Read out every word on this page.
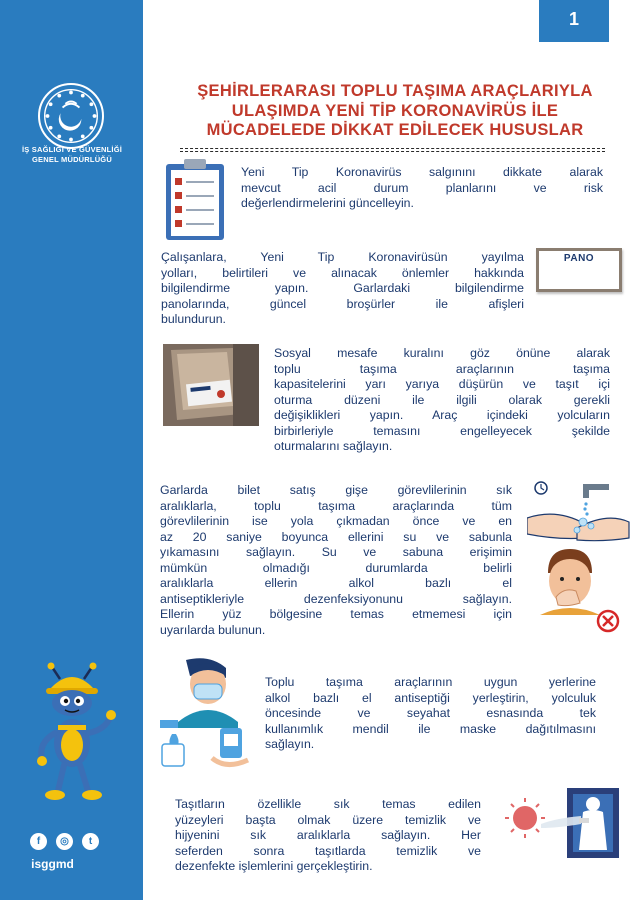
İŞ SAĞLIĞI VE GÜVENLİĞİ
GENEL MÜDÜRLÜĞÜ
f	◎	t
isggmd
1
ŞEHİRLERARASI TOPLU TAŞIMA ARAÇLARIYLA
ULAŞIMDA YENİ TİP KORONAVİRÜS İLE
MÜCADELEDE DİKKAT EDİLECEK HUSUSLAR
Yeni Tip Koronavirüs salgınını dikkate alarak
mevcut acil durum planlarını ve risk
değerlendirmelerini güncelleyin.
Çalışanlara, Yeni Tip Koronavirüsün yayılma
yolları, belirtileri ve alınacak önlemler hakkında
bilgilendirme yapın. Garlardaki bilgilendirme
panolarında, güncel broşürler ile afişleri
bulundurun.
PANO
Sosyal mesafe kuralını göz önüne alarak
toplu taşıma araçlarının taşıma
kapasitelerini yarı yarıya düşürün ve taşıt içi
oturma düzeni ile ilgili olarak gerekli
değişiklikleri yapın. Araç içindeki yolcuların
birbirleriyle temasını engelleyecek şekilde
oturmalarını sağlayın.
Garlarda bilet satış gişe görevlilerinin sık
aralıklarla, toplu taşıma araçlarında tüm
görevlilerinin ise yola çıkmadan önce ve en
az 20 saniye boyunca ellerini su ve sabunla
yıkamasını sağlayın. Su ve sabuna erişimin
mümkün olmadığı durumlarda belirli
aralıklarla ellerin alkol bazlı el
antiseptikleriyle dezenfeksiyonunu sağlayın.
Ellerin yüz bölgesine temas etmemesi için
uyarılarda bulunun.
Toplu taşıma araçlarının uygun yerlerine
alkol bazlı el antiseptiği yerleştirin, yolculuk
öncesinde ve seyahat esnasında tek
kullanımlık mendil ile maske dağıtılmasını
sağlayın.
Taşıtların özellikle sık temas edilen
yüzeyleri başta olmak üzere temizlik ve
hijyenini sık aralıklarla sağlayın. Her
seferden sonra taşıtlarda temizlik ve
dezenfekte işlemlerini gerçekleştirin.
